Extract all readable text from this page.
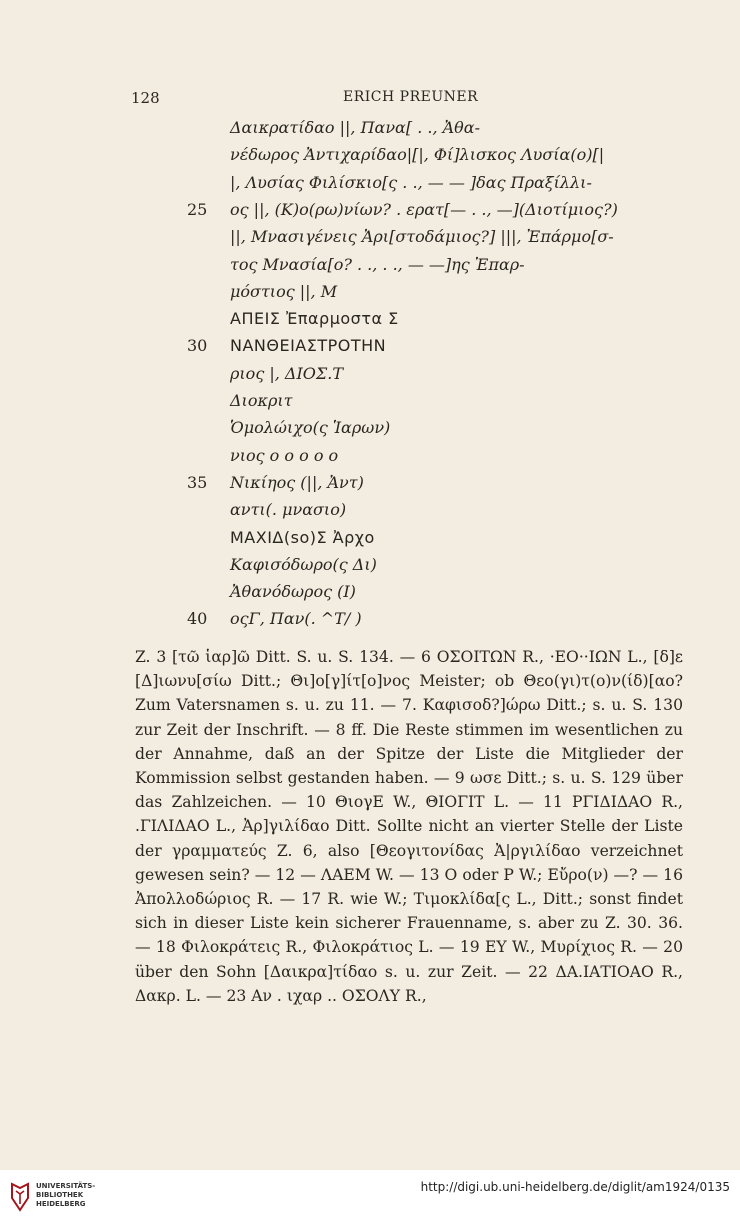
128	ERICH PREUNER
Δαικρατίδαο ||, Πανα[ . ., Ἀθα-
νέδωρος Ἀντιχαρίδαο|[|, Φί]λισκος Λυσία(ο)[|
|, Λυσίας Φιλίσκιο[ς . ., — — ]δας Πραξίλλι-
25	ος ||, (Κ)ο(ρω)νίων? . ερατ[— . ., —](Διοτίμιος?)
||, Μνασιγένεις Ἀρι[στοδάμιος?] |||, Ἐπάρμο[σ-
τος Μνασία[ο? . ., . ., — —]ης Ἐπαρ-
μόστιος ||, Μ
ΑΠΕΙΣ Ἐπαρμοστα Σ
30	ΝΑΝΘΕΙΑΣΤΡΟΤΗΝ
ριος |, ΔΙΟΣ.Τ
Διοκριτ
Ὁμολώιχο(ς Ἱαρων)
νιος ο ο ο ο ο
35	Νικίηος (||, Ἀντ)
αντι(. μνασιο)
ΜΑΧΙΔ(so)Σ Ἀρχο
Καφισόδωρο(ς Δι)
Ἀθανόδωρος (Ι)
40	οςΓ, Παν(. ^Τ/ )

Z. 3 [τῶ ἱαρ]ῶ Ditt. S. u. S. 134. — 6 ΟΣΟΙΤΩΝ R., ·ΕΟ··ΙΩΝ L., [δ]ε [Δ]ιωνυ[σίω Ditt.; Θι]ο[γ]ίτ[ο]νος Meister; ob Θεο(γι)τ(ο)ν(ίδ)[αο? Zum Vatersnamen s. u. zu 11. — 7. Καφισοδ?]ώρω Ditt.; s. u. S. 130 zur Zeit der Inschrift. — 8 ff. Die Reste stimmen im wesentlichen zu der Annahme, daß an der Spitze der Liste die Mitglieder der Kommission selbst gestanden haben. — 9 ωσε Ditt.; s. u. S. 129 über das Zahlzeichen. — 10 ΘιογΕ W., ΘΙΟΓΙΤ L. — 11 ΡΓΙΔΙΔΑΟ R., .ΓΙΛΙΔΑΟ L., Ἀρ]γιλίδαο Ditt. Sollte nicht an vierter Stelle der Liste der γραμματεύς Z. 6, also [Θεογιτονίδας Ἀ|ργιλίδαο verzeichnet gewesen sein? — 12 — ΛΑΕΜ W. — 13 Ο oder Ρ W.; Εὔρο(ν) —? — 16 Ἀπολλοδώριος R. — 17 R. wie W.; Τιμοκλίδα[ς L., Ditt.; sonst findet sich in dieser Liste kein sicherer Frauenname, s. aber zu Z. 30. 36. — 18 Φιλοκράτεις R., Φιλοκράτιος L. — 19 ΕΥ W., Μυρίχιος R. — 20 über den Sohn [Δαικρα]τίδαο s. u. zur Zeit. — 22 ΔΑ.ΙΑΤΙΟΑΟ R., Δακρ. L. — 23 Αν . ιχαρ .. ΟΣΟΛΥ R.,

UNIVERSITÄTS-
BIBLIOTHEK
HEIDELBERG
http://digi.ub.uni-heidelberg.de/diglit/am1924/0135
